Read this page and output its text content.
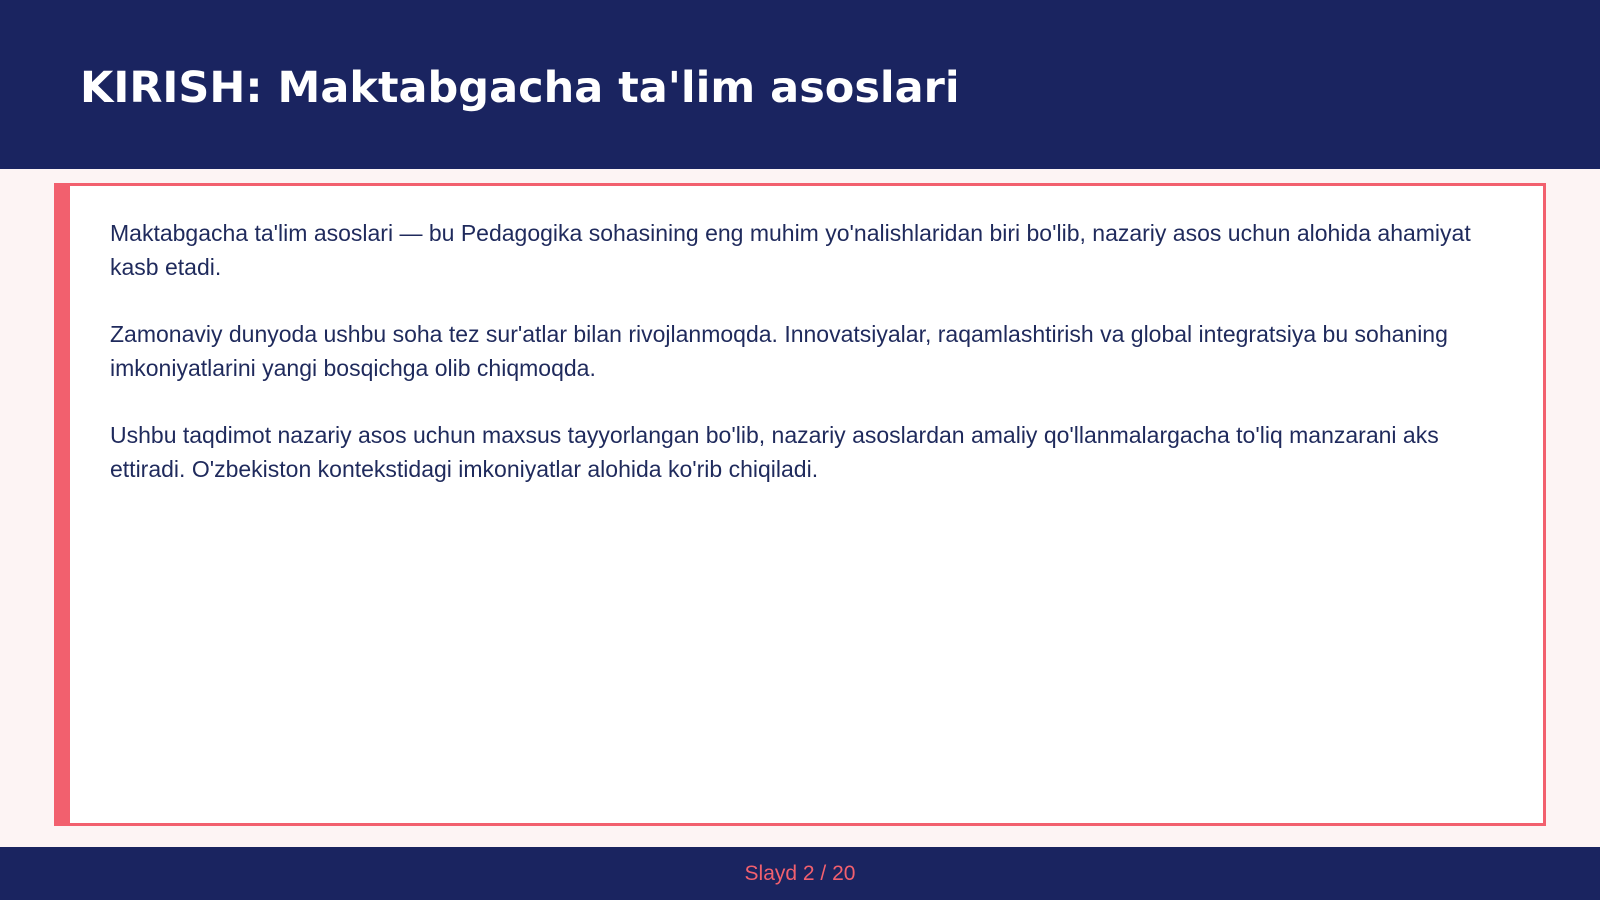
KIRISH: Maktabgacha ta'lim asoslari

Maktabgacha ta'lim asoslari — bu Pedagogika sohasining eng muhim yo'nalishlaridan biri bo'lib, nazariy asos uchun alohida ahamiyat kasb etadi.

Zamonaviy dunyoda ushbu soha tez sur'atlar bilan rivojlanmoqda. Innovatsiyalar, raqamlashtirish va global integratsiya bu sohaning imkoniyatlarini yangi bosqichga olib chiqmoqda.

Ushbu taqdimot nazariy asos uchun maxsus tayyorlangan bo'lib, nazariy asoslardan amaliy qo'llanmalargacha to'liq manzarani aks ettiradi. O'zbekiston kontekstidagi imkoniyatlar alohida ko'rib chiqiladi.

Slayd 2 / 20
